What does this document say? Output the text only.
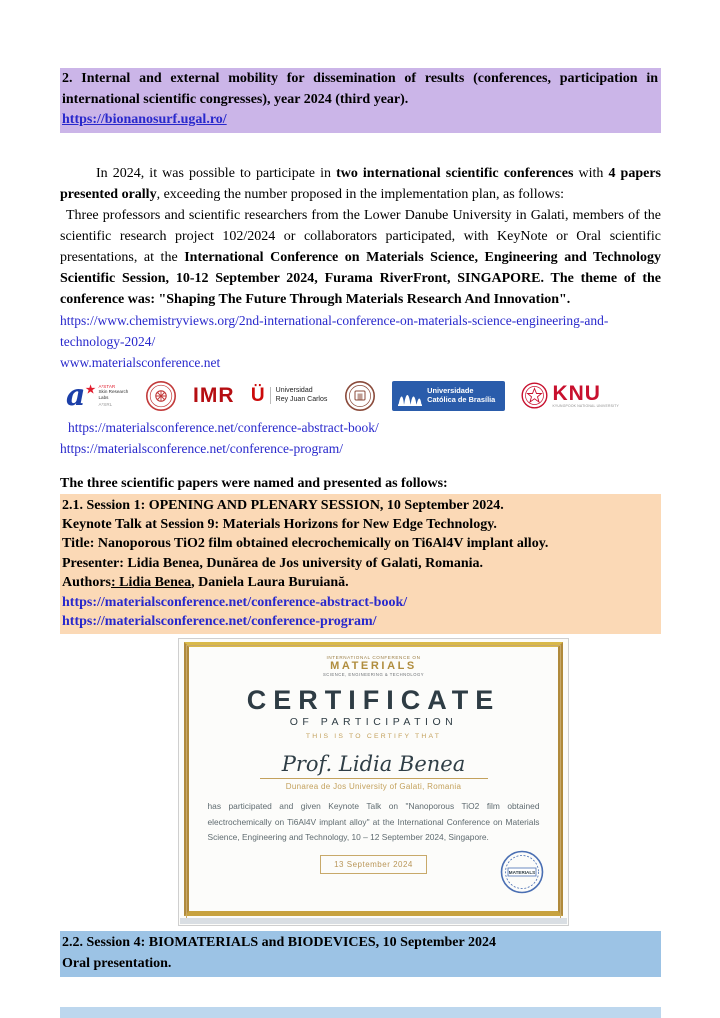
2. Internal and external mobility for dissemination of results (conferences, participation in international scientific congresses), year 2024 (third year).
https://bionanosurf.ugal.ro/

In 2024, it was possible to participate in two international scientific conferences with 4 papers presented orally, exceeding the number proposed in the implementation plan, as follows:

Three professors and scientific researchers from the Lower Danube University in Galati, members of the scientific research project 102/2024 or collaborators participated, with KeyNote or Oral scientific presentations, at the International Conference on Materials Science, Engineering and Technology Scientific Session, 10-12 September 2024, Furama RiverFront, SINGAPORE. The theme of the conference was: "Shaping The Future Through Materials Research And Innovation".

https://www.chemistryviews.org/2nd-international-conference-on-materials-science-engineering-and-technology-2024/
www.materialsconference.net
a ★ A*STAR
Skin Research
Labs
A*SRL	IMR Ü Universidad
Rey Juan Carlos
Universidade
Católica de Brasília	KNU
KYUNGPOOK NATIONAL UNIVERSITY
https://materialsconference.net/conference-abstract-book/
https://materialsconference.net/conference-program/
The three scientific papers were named and presented as follows:
2.1. Session 1: OPENING AND PLENARY SESSION, 10 September 2024.
Keynote Talk at Session 9: Materials Horizons for New Edge Technology.
Title: Nanoporous TiO2 film obtained elecrochemically on Ti6Al4V implant alloy.
Presenter: Lidia Benea, Dunărea de Jos university of Galati, Romania.
Authors: Lidia Benea, Daniela Laura Buruiană.
https://materialsconference.net/conference-abstract-book/
https://materialsconference.net/conference-program/
INTERNATIONAL CONFERENCE ON
MATERIALS
SCIENCE, ENGINEERING & TECHNOLOGY
CERTIFICATE
OF PARTICIPATION
THIS IS TO CERTIFY THAT
Prof. Lidia Benea
Dunarea de Jos University of Galati, Romania
has participated and given Keynote Talk on "Nanoporous TiO2 film obtained electrochemically on Ti6Al4V implant alloy" at the International Conference on Materials Science, Engineering and Technology, 10 – 12 September 2024, Singapore.
13 September 2024
MATERIALS
2.2. Session 4: BIOMATERIALS and BIODEVICES, 10 September 2024
Oral presentation.
